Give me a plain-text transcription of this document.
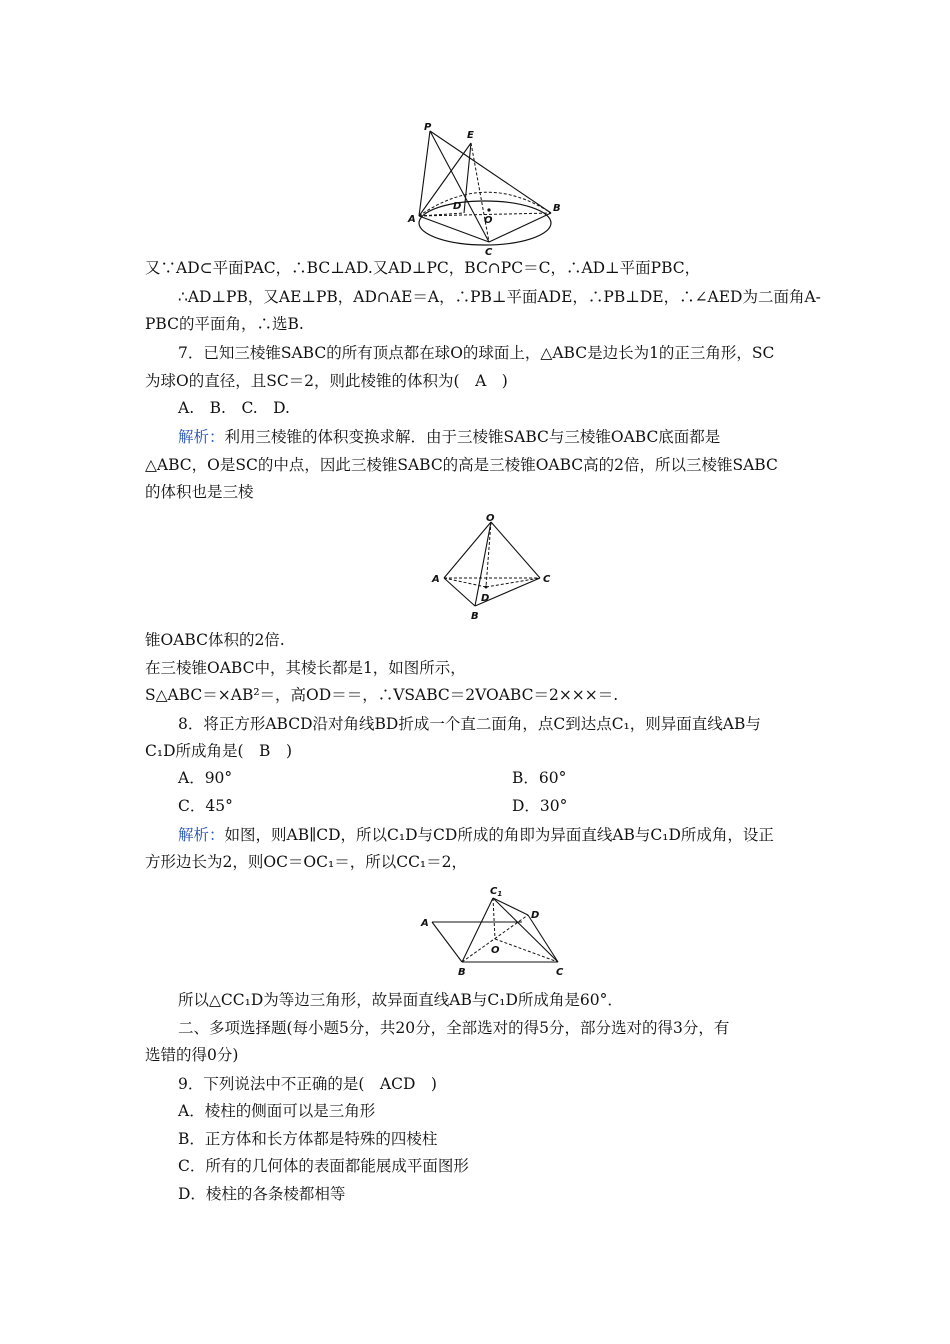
P
E
D
O
A
B
C
又∵AD⊂平面PAC，∴BC⊥AD.又AD⊥PC，BC∩PC＝C，∴AD⊥平面PBC，
∴AD⊥PB，又AE⊥PB，AD∩AE＝A，∴PB⊥平面ADE，∴PB⊥DE，∴∠AED为二面角A-
PBC的平面角，∴选B.
7．已知三棱锥SABC的所有顶点都在球O的球面上，△ABC是边长为1的正三角形，SC
为球O的直径，且SC＝2，则此棱锥的体积为(　A　)
A.　B.　C.　D.
解析：利用三棱锥的体积变换求解．由于三棱锥SABC与三棱锥OABC底面都是
△ABC，O是SC的中点，因此三棱锥SABC的高是三棱锥OABC高的2倍，所以三棱锥SABC
的体积也是三棱
O
A	C
D
B
锥OABC体积的2倍.
在三棱锥OABC中，其棱长都是1，如图所示，
S△ABC＝×AB²＝，高OD＝＝，∴VSABC＝2VOABC＝2×××＝.
8．将正方形ABCD沿对角线BD折成一个直二面角，点C到达点C₁，则异面直线AB与
C₁D所成角是(　B　)
A．90°	B．60°
C．45°	D．30°
解析：如图，则AB∥CD，所以C₁D与CD所成的角即为异面直线AB与C₁D所成角，设正
方形边长为2，则OC＝OC₁＝，所以CC₁＝2，
$C_1$
D
A
O
B	C
所以△CC₁D为等边三角形，故异面直线AB与C₁D所成角是60°．
二、多项选择题(每小题5分，共20分，全部选对的得5分，部分选对的得3分，有
选错的得0分)
9．下列说法中不正确的是(　ACD　)
A．棱柱的侧面可以是三角形
B．正方体和长方体都是特殊的四棱柱
C．所有的几何体的表面都能展成平面图形
D．棱柱的各条棱都相等
